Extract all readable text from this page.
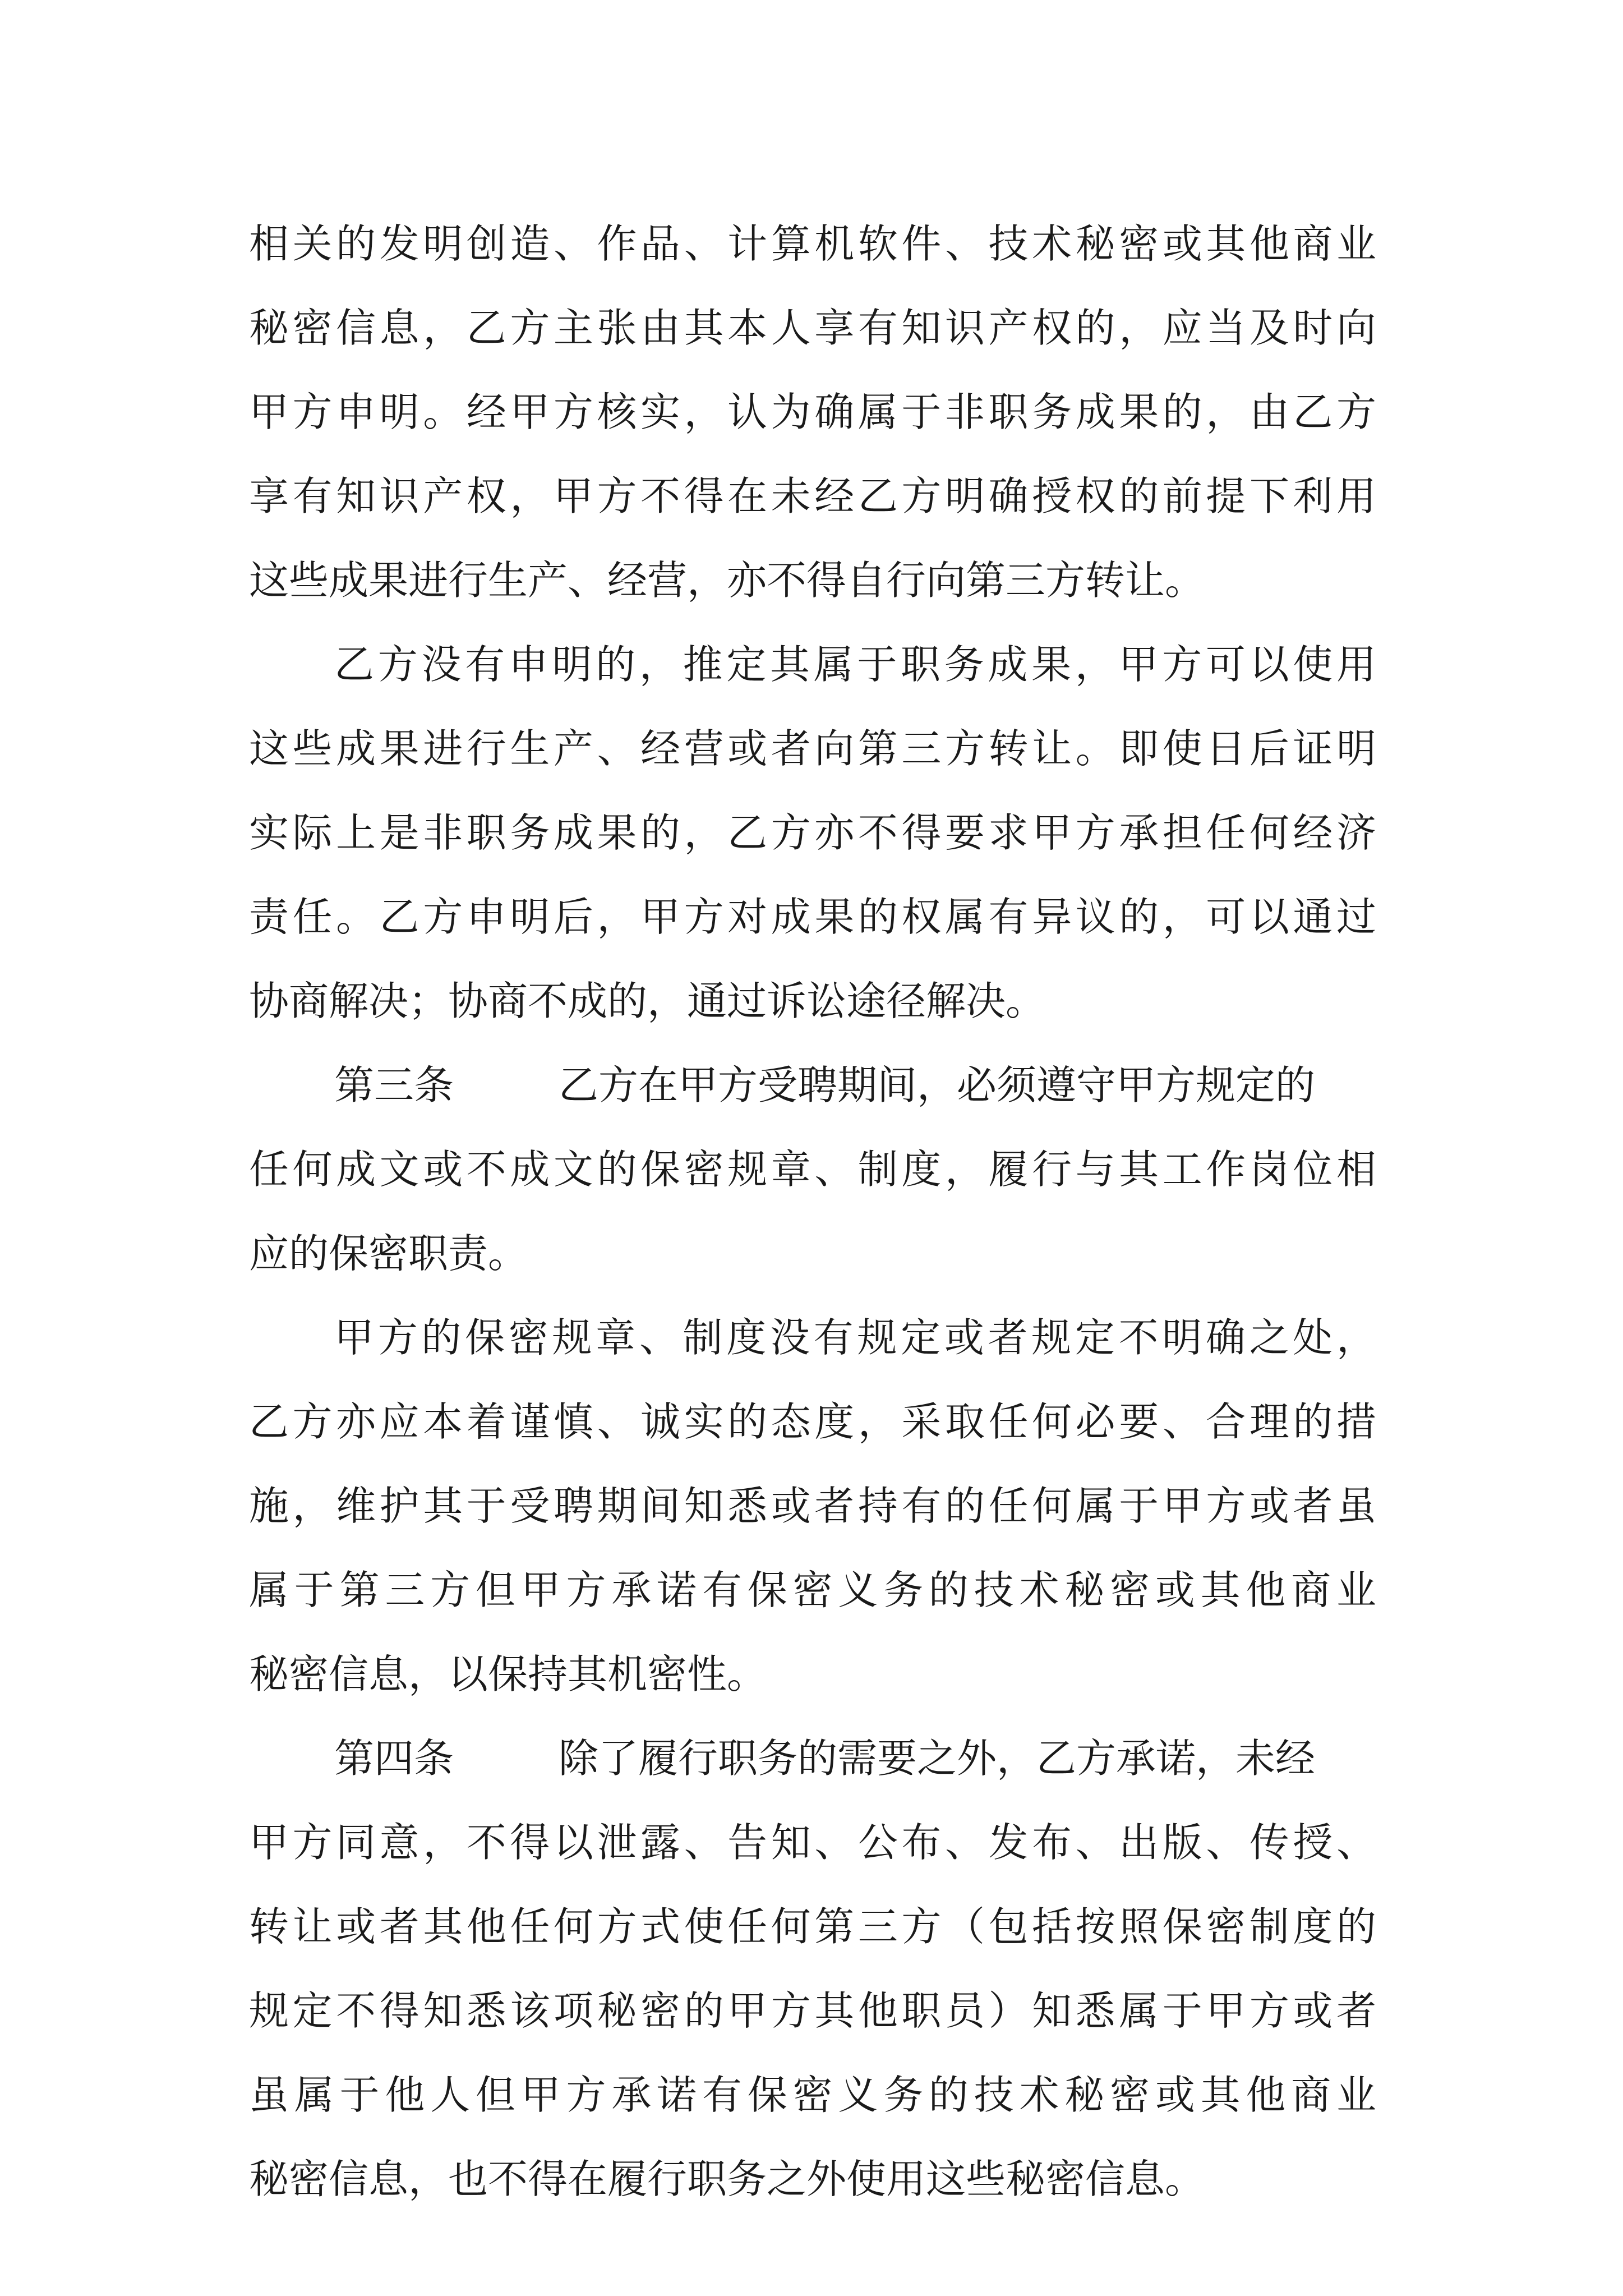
相关的发明创造、作品、计算机软件、技术秘密或其他商业
秘密信息，乙方主张由其本人享有知识产权的，应当及时向
甲方申明。经甲方核实，认为确属于非职务成果的，由乙方
享有知识产权，甲方不得在未经乙方明确授权的前提下利用
这些成果进行生产、经营，亦不得自行向第三方转让。
乙方没有申明的，推定其属于职务成果，甲方可以使用
这些成果进行生产、经营或者向第三方转让。即使日后证明
实际上是非职务成果的，乙方亦不得要求甲方承担任何经济
责任。乙方申明后，甲方对成果的权属有异议的，可以通过
协商解决；协商不成的，通过诉讼途径解决。
第三条	乙方在甲方受聘期间，必须遵守甲方规定的
任何成文或不成文的保密规章、制度，履行与其工作岗位相
应的保密职责。
甲方的保密规章、制度没有规定或者规定不明确之处，
乙方亦应本着谨慎、诚实的态度，采取任何必要、合理的措
施，维护其于受聘期间知悉或者持有的任何属于甲方或者虽
属于第三方但甲方承诺有保密义务的技术秘密或其他商业
秘密信息，以保持其机密性。
第四条	除了履行职务的需要之外，乙方承诺，未经
甲方同意，不得以泄露、告知、公布、发布、出版、传授、
转让或者其他任何方式使任何第三方（包括按照保密制度的
规定不得知悉该项秘密的甲方其他职员）知悉属于甲方或者
虽属于他人但甲方承诺有保密义务的技术秘密或其他商业
秘密信息，也不得在履行职务之外使用这些秘密信息。
